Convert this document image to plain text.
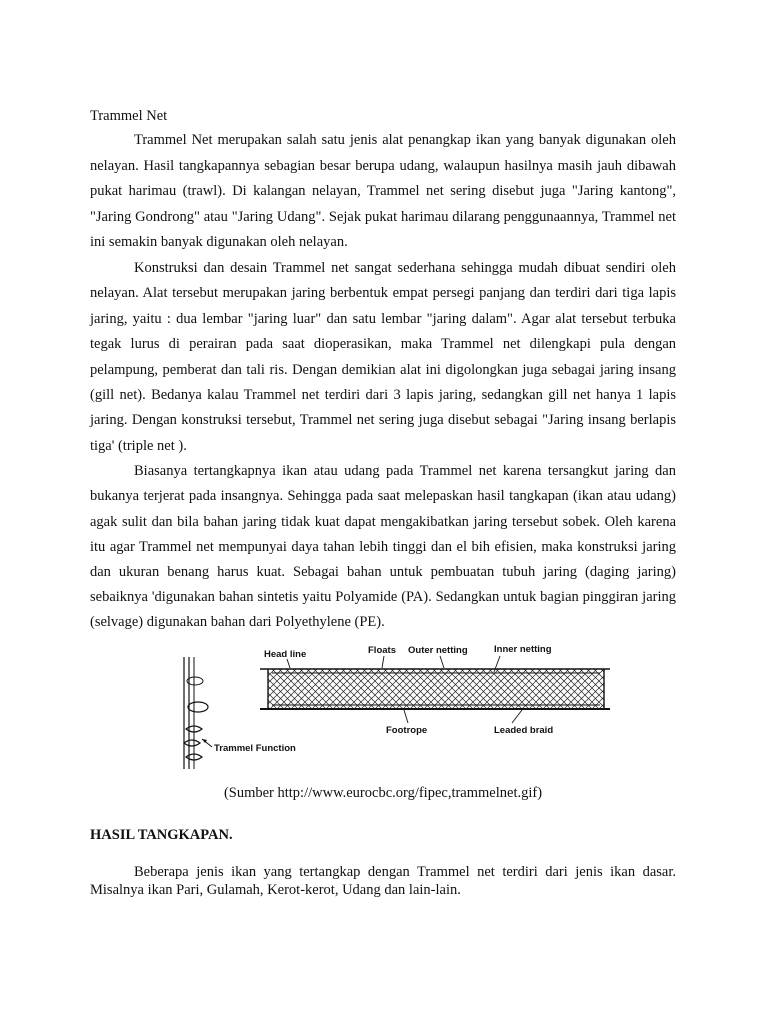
Trammel Net

Trammel Net merupakan salah satu jenis alat penangkap ikan yang banyak digunakan oleh nelayan. Hasil tangkapannya sebagian besar berupa udang, walaupun hasilnya masih jauh dibawah pukat harimau (trawl). Di kalangan nelayan, Trammel net sering disebut juga "Jaring kantong", "Jaring Gondrong" atau "Jaring Udang". Sejak pukat harimau dilarang penggunaannya, Trammel net ini semakin banyak digunakan oleh nelayan.

Konstruksi dan desain Trammel net sangat sederhana sehingga mudah dibuat sendiri oleh nelayan. Alat tersebut merupakan jaring berbentuk empat persegi panjang dan terdiri dari tiga lapis jaring, yaitu : dua lembar "jaring luar" dan satu lembar "jaring dalam". Agar alat tersebut terbuka tegak lurus di perairan pada saat dioperasikan, maka Trammel net dilengkapi pula dengan pelampung, pemberat dan tali ris. Dengan demikian alat ini digolongkan juga sebagai jaring insang (gill net). Bedanya kalau Trammel net terdiri dari 3 lapis jaring, sedangkan gill net hanya 1 lapis jaring. Dengan konstruksi tersebut, Trammel net sering juga disebut sebagai "Jaring insang berlapis tiga' (triple net ).

Biasanya tertangkapnya ikan atau udang pada Trammel net karena tersangkut jaring dan bukanya terjerat pada insangnya. Sehingga pada saat melepaskan hasil tangkapan (ikan atau udang) agak sulit dan bila bahan jaring tidak kuat dapat mengakibatkan jaring tersebut sobek. Oleh karena itu agar Trammel net mempunyai daya tahan lebih tinggi dan el bih efisien, maka konstruksi jaring dan ukuran benang harus kuat. Sebagai bahan untuk pembuatan tubuh jaring (daging jaring) sebaiknya 'digunakan bahan sintetis yaitu Polyamide (PA). Sedangkan untuk bagian pinggiran jaring (selvage) digunakan bahan dari Polyethylene (PE).

Head line	Floats Outer netting	Inner netting
Footrope	Leaded braid
Trammel Function
(Sumber http://www.eurocbc.org/fipec,trammelnet.gif)

HASIL TANGKAPAN.

Beberapa jenis ikan yang tertangkap dengan Trammel net terdiri dari jenis ikan dasar. Misalnya ikan Pari, Gulamah, Kerot-kerot, Udang dan lain-lain.
